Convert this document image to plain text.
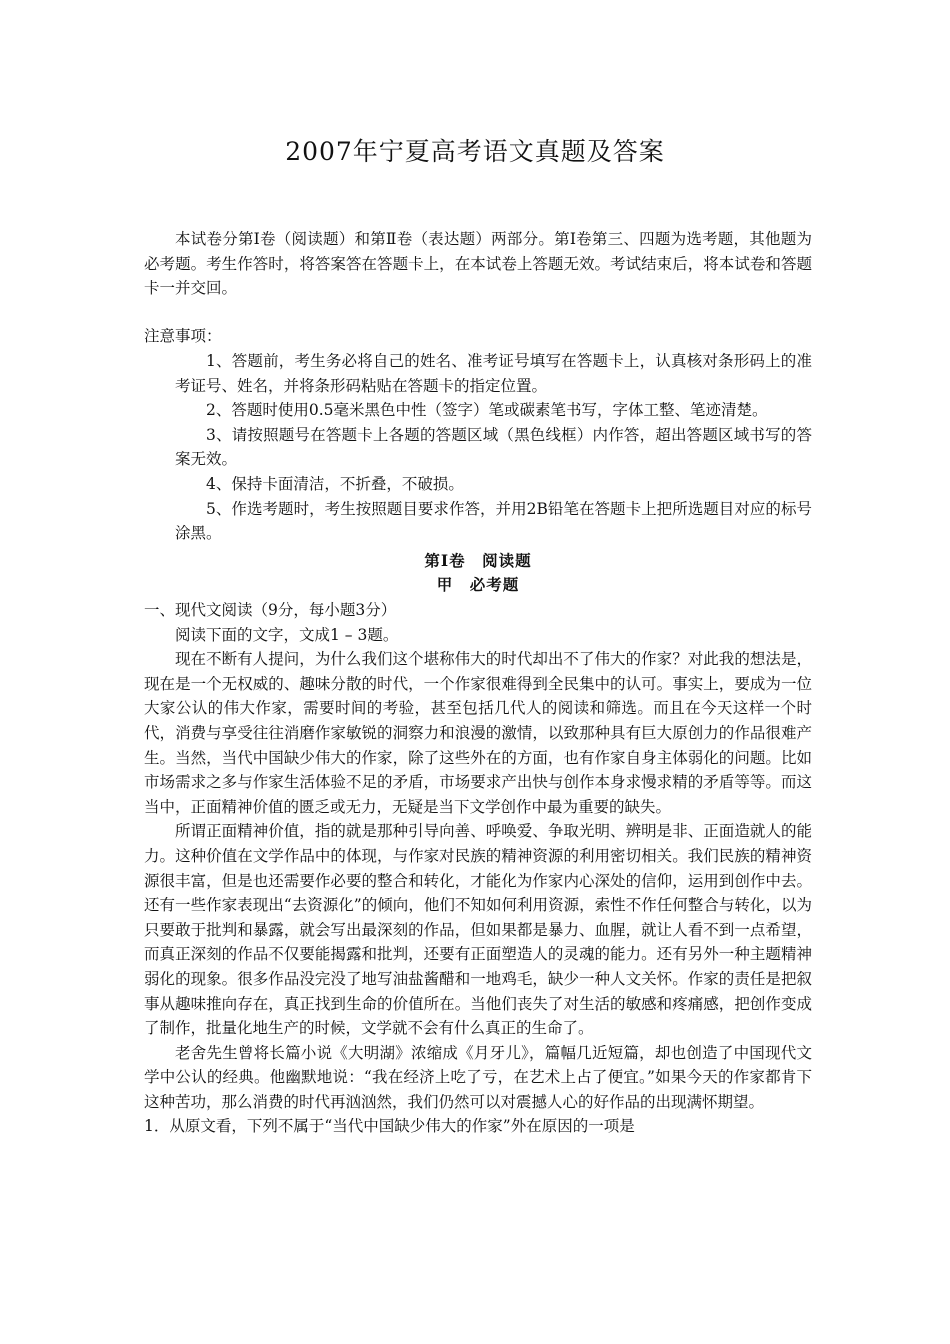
2007年宁夏高考语文真题及答案

本试卷分第Ⅰ卷（阅读题）和第Ⅱ卷（表达题）两部分。第Ⅰ卷第三、四题为选考题，其他题为必考题。考生作答时，将答案答在答题卡上，在本试卷上答题无效。考试结束后，将本试卷和答题卡一并交回。

注意事项：

1、答题前，考生务必将自己的姓名、准考证号填写在答题卡上，认真核对条形码上的准考证号、姓名，并将条形码粘贴在答题卡的指定位置。

2、答题时使用0.5毫米黑色中性（签字）笔或碳素笔书写，字体工整、笔迹清楚。

3、请按照题号在答题卡上各题的答题区域（黑色线框）内作答，超出答题区域书写的答案无效。

4、保持卡面清洁，不折叠，不破损。

5、作选考题时，考生按照题目要求作答，并用2B铅笔在答题卡上把所选题目对应的标号涂黑。

第Ⅰ卷　阅读题
甲　必考题

一、现代文阅读（9分，每小题3分）

阅读下面的文字，文成1 – 3题。

现在不断有人提问，为什么我们这个堪称伟大的时代却出不了伟大的作家？对此我的想法是，现在是一个无权威的、趣味分散的时代，一个作家很难得到全民集中的认可。事实上，要成为一位大家公认的伟大作家，需要时间的考验，甚至包括几代人的阅读和筛选。而且在今天这样一个时代，消费与享受往往消磨作家敏锐的洞察力和浪漫的激情，以致那种具有巨大原创力的作品很难产生。当然，当代中国缺少伟大的作家，除了这些外在的方面，也有作家自身主体弱化的问题。比如市场需求之多与作家生活体验不足的矛盾，市场要求产出快与创作本身求慢求精的矛盾等等。而这当中，正面精神价值的匮乏或无力，无疑是当下文学创作中最为重要的缺失。

所谓正面精神价值，指的就是那种引导向善、呼唤爱、争取光明、辨明是非、正面造就人的能力。这种价值在文学作品中的体现，与作家对民族的精神资源的利用密切相关。我们民族的精神资源很丰富，但是也还需要作必要的整合和转化，才能化为作家内心深处的信仰，运用到创作中去。还有一些作家表现出“去资源化”的倾向，他们不知如何利用资源，索性不作任何整合与转化，以为只要敢于批判和暴露，就会写出最深刻的作品，但如果都是暴力、血腥，就让人看不到一点希望，而真正深刻的作品不仅要能揭露和批判，还要有正面塑造人的灵魂的能力。还有另外一种主题精神弱化的现象。很多作品没完没了地写油盐酱醋和一地鸡毛，缺少一种人文关怀。作家的责任是把叙事从趣味推向存在，真正找到生命的价值所在。当他们丧失了对生活的敏感和疼痛感，把创作变成了制作，批量化地生产的时候，文学就不会有什么真正的生命了。

老舍先生曾将长篇小说《大明湖》浓缩成《月牙儿》，篇幅几近短篇，却也创造了中国现代文学中公认的经典。他幽默地说：“我在经济上吃了亏，在艺术上占了便宜。”如果今天的作家都肯下这种苦功，那么消费的时代再汹汹然，我们仍然可以对震撼人心的好作品的出现满怀期望。

1．从原文看，下列不属于“当代中国缺少伟大的作家”外在原因的一项是
